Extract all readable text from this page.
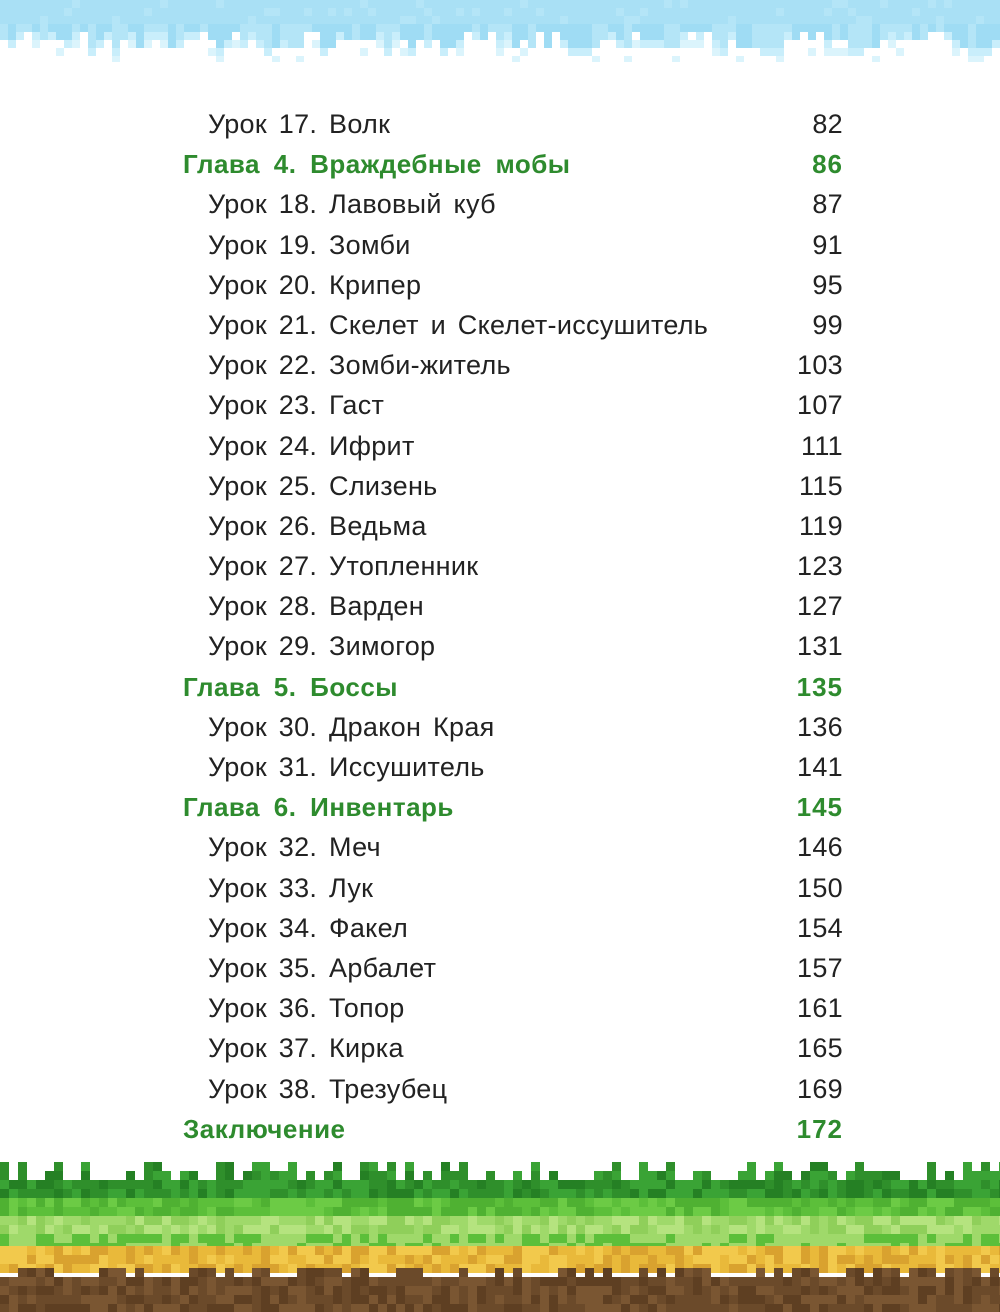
Урок 17. Волк	82
Глава 4. Враждебные мобы	86
Урок 18. Лавовый куб	87
Урок 19. Зомби	91
Урок 20. Крипер	95
Урок 21. Скелет и Скелет-иссушитель	99
Урок 22. Зомби-житель	103
Урок 23. Гаст	107
Урок 24. Ифрит	111
Урок 25. Слизень	115
Урок 26. Ведьма	119
Урок 27. Утопленник	123
Урок 28. Варден	127
Урок 29. Зимогор	131
Глава 5. Боссы	135
Урок 30. Дракон Края	136
Урок 31. Иссушитель	141
Глава 6. Инвентарь	145
Урок 32. Меч	146
Урок 33. Лук	150
Урок 34. Факел	154
Урок 35. Арбалет	157
Урок 36. Топор	161
Урок 37. Кирка	165
Урок 38. Трезубец	169
Заключение	172
